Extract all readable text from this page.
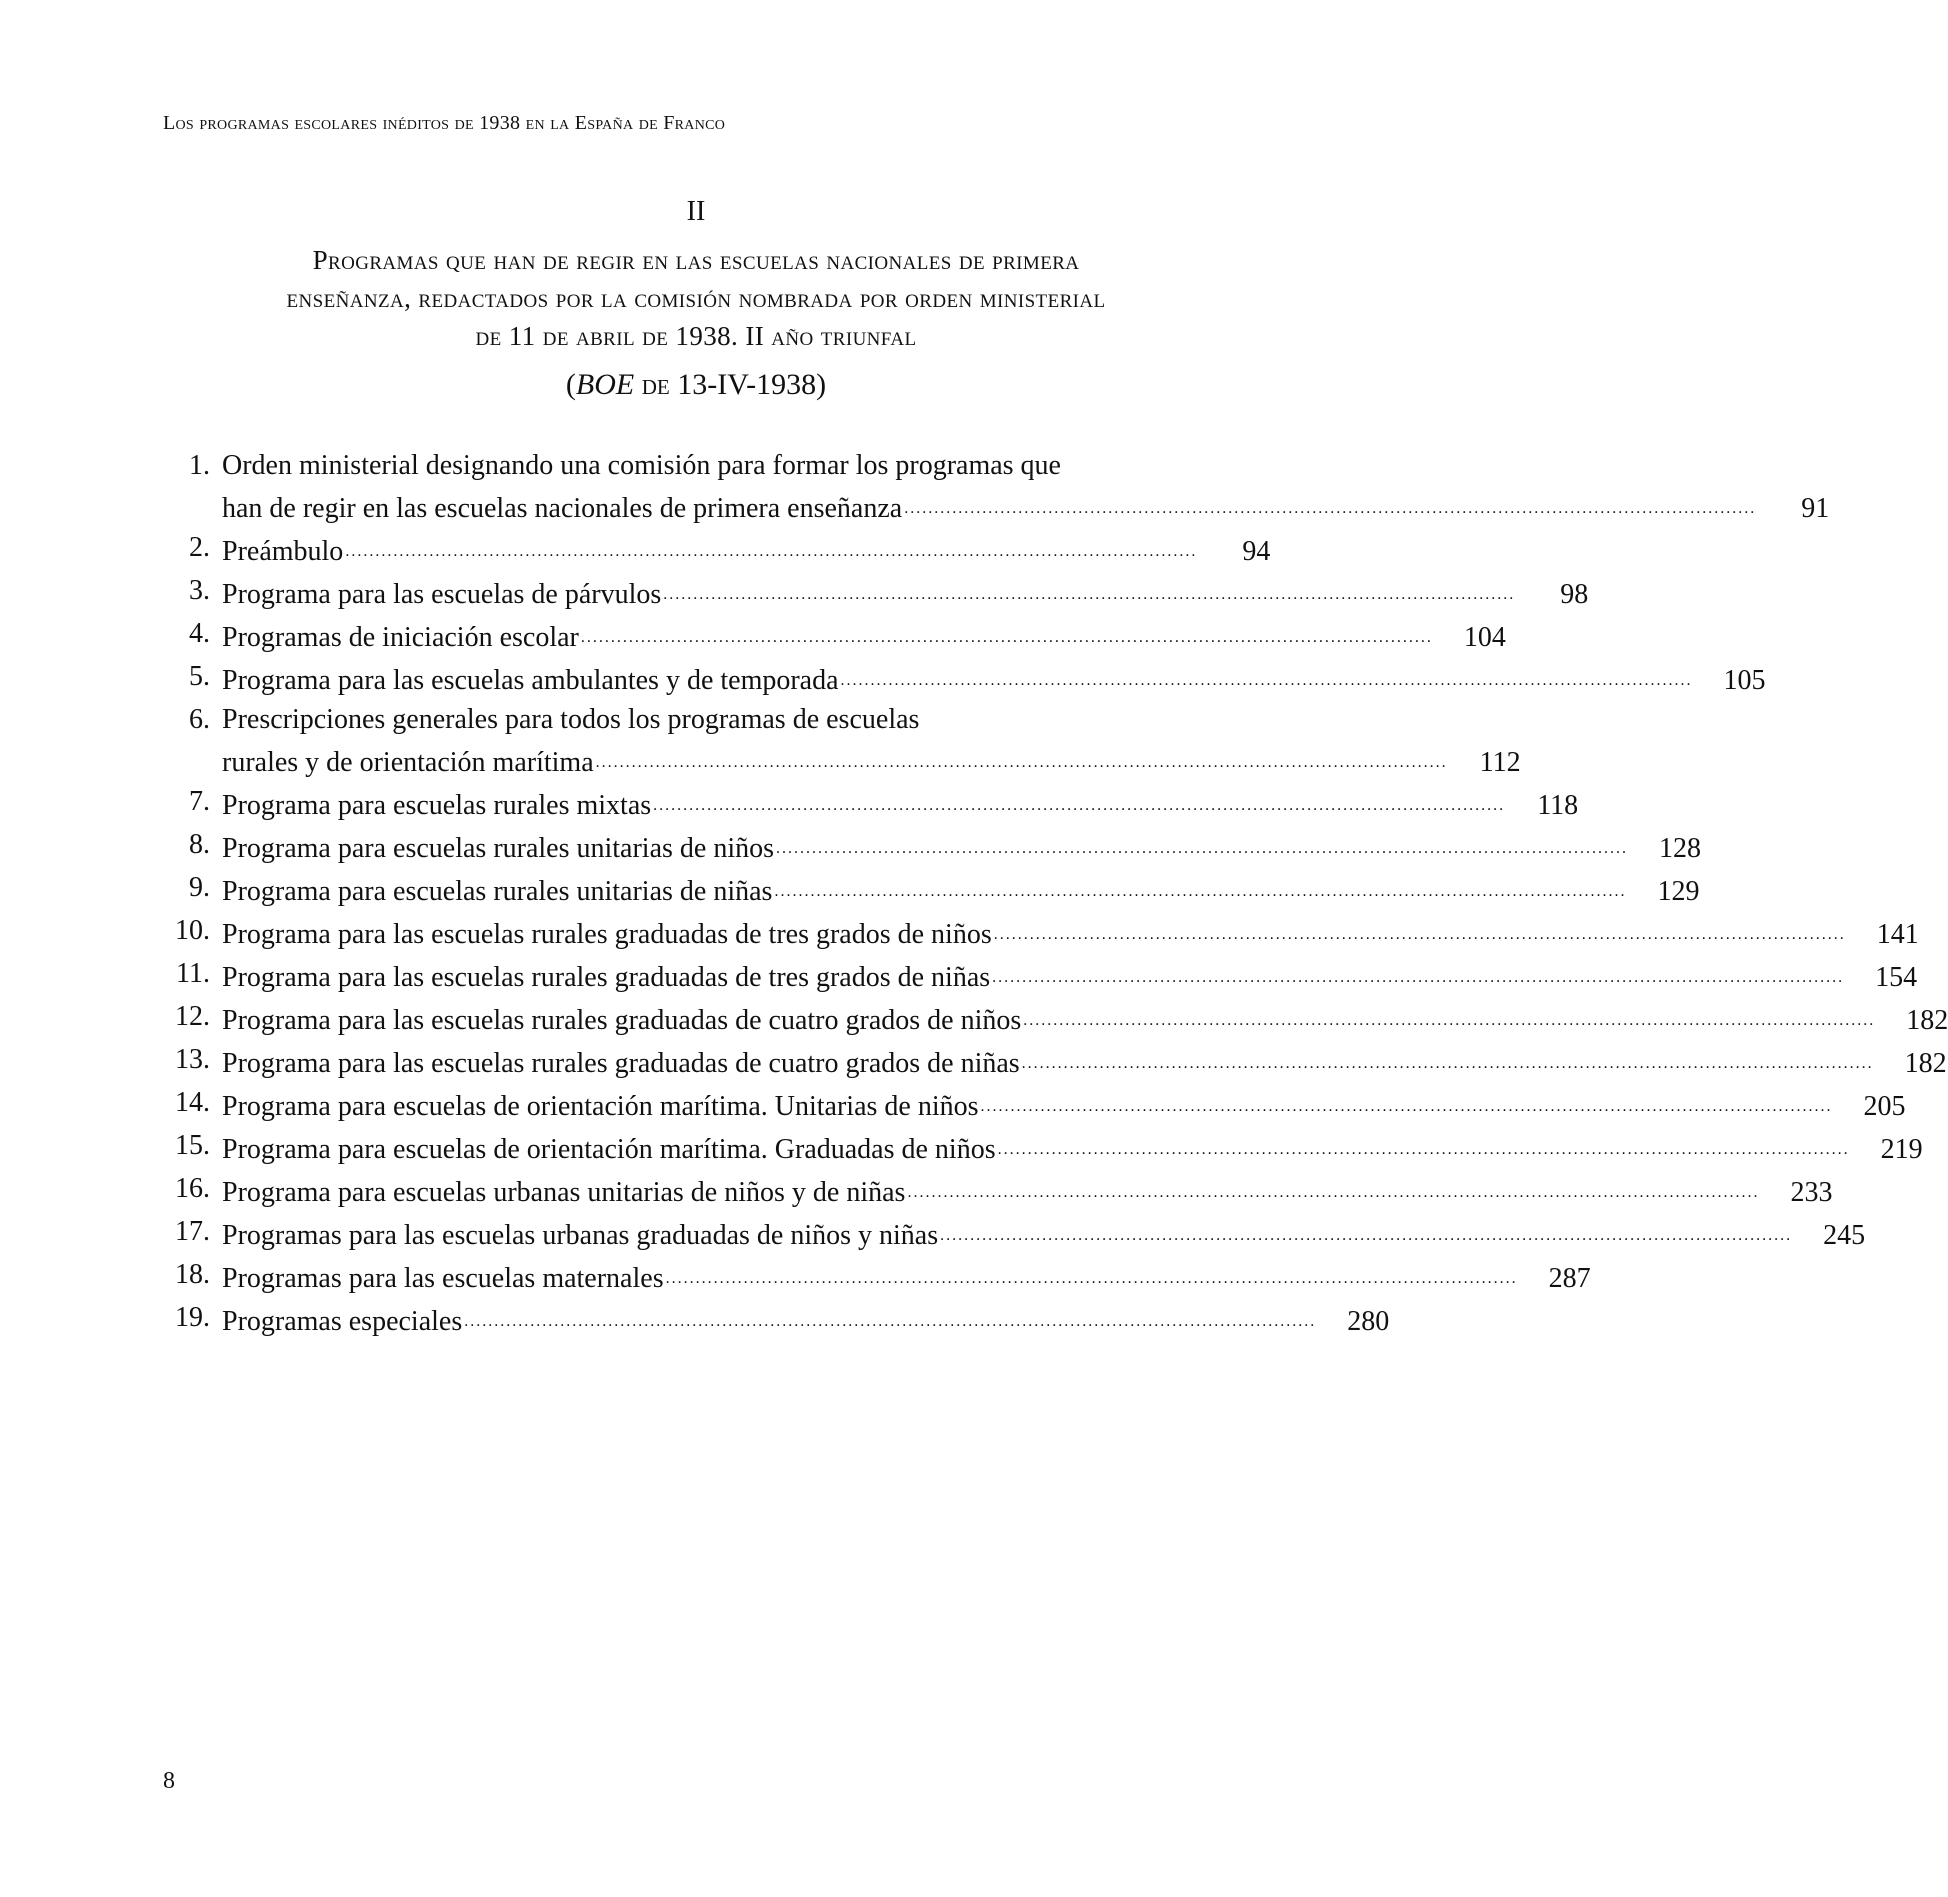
Los programas escolares inéditos de 1938 en la España de Franco
II
Programas que han de regir en las escuelas nacionales de primera
enseñanza, redactados por la comisión nombrada por orden ministerial
de 11 de abril de 1938. II año triunfal
(BOE de 13-IV-1938)
1. Orden ministerial designando una comisión para formar los programas que
han de regir en las escuelas nacionales de primera enseñanza . . .	91
2. Preámbulo . . .	94
3. Programa para las escuelas de párvulos . . .	98
4. Programas de iniciación escolar . . .	104
5. Programa para las escuelas ambulantes y de temporada . . .	105
6. Prescripciones generales para todos los programas de escuelas
rurales y de orientación marítima . . .	112
7. Programa para escuelas rurales mixtas . . .	118
8. Programa para escuelas rurales unitarias de niños . . .	128
9. Programa para escuelas rurales unitarias de niñas . . .	129
10. Programa para las escuelas rurales graduadas de tres grados de niños . . .	141
11. Programa para las escuelas rurales graduadas de tres grados de niñas . . .	154
12. Programa para las escuelas rurales graduadas de cuatro grados de niños . . .	182
13. Programa para las escuelas rurales graduadas de cuatro grados de niñas . . .	182
14. Programa para escuelas de orientación marítima. Unitarias de niños . . .	205
15. Programa para escuelas de orientación marítima. Graduadas de niños . . .	219
16. Programa para escuelas urbanas unitarias de niños y de niñas . . .	233
17. Programas para las escuelas urbanas graduadas de niños y niñas . . .	245
18. Programas para las escuelas maternales . . .	287
19. Programas especiales . . .	280
8
